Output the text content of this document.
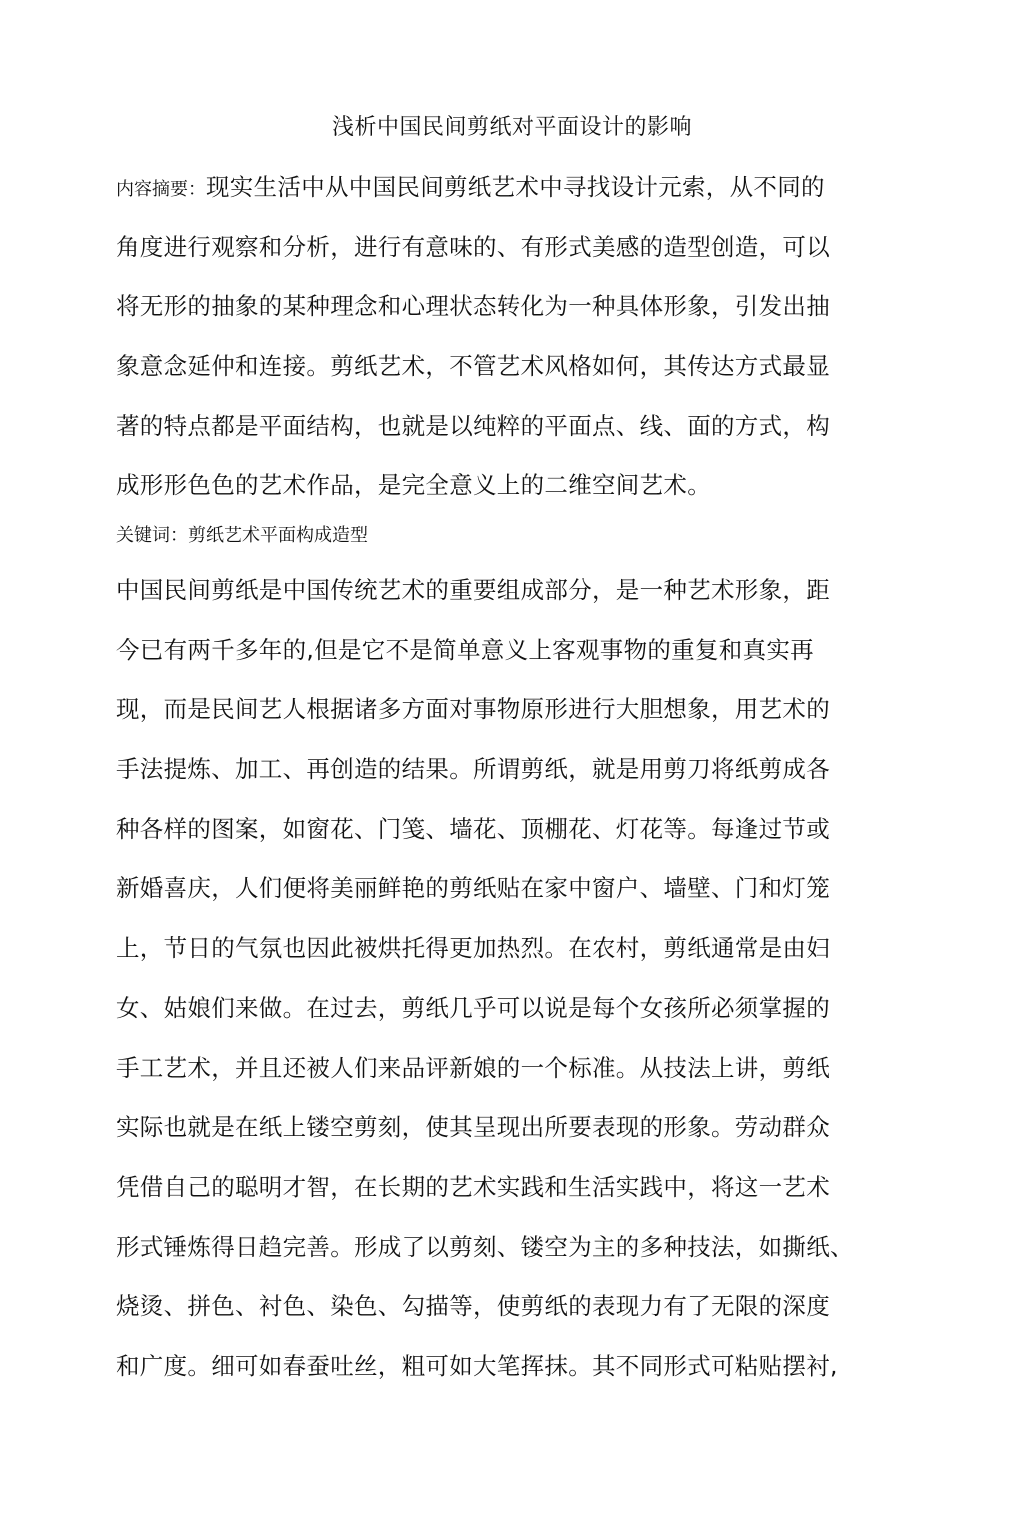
浅析中国民间剪纸对平面设计的影响
内容摘要：现实生活中从中国民间剪纸艺术中寻找设计元索，从不同的
角度进行观察和分析，进行有意味的、有形式美感的造型创造，可以
将无形的抽象的某种理念和心理状态转化为一种具体形象，引发出抽
象意念延仲和连接。剪纸艺术，不管艺术风格如何，其传达方式最显
著的特点都是平面结构，也就是以纯粹的平面点、线、面的方式，构
成形形色色的艺术作品，是完全意义上的二维空间艺术。
关键词：剪纸艺术平面构成造型
中国民间剪纸是中国传统艺术的重要组成部分，是一种艺术形象，距
今已有两千多年的,但是它不是简单意义上客观事物的重复和真实再
现，而是民间艺人根据诸多方面对事物原形进行大胆想象，用艺术的
手法提炼、加工、再创造的结果。所谓剪纸，就是用剪刀将纸剪成各
种各样的图案，如窗花、门笺、墙花、顶棚花、灯花等。每逢过节或
新婚喜庆，人们便将美丽鲜艳的剪纸贴在家中窗户、墙壁、门和灯笼
上，节日的气氛也因此被烘托得更加热烈。在农村，剪纸通常是由妇
女、姑娘们来做。在过去，剪纸几乎可以说是每个女孩所必须掌握的
手工艺术，并且还被人们来品评新娘的一个标准。从技法上讲，剪纸
实际也就是在纸上镂空剪刻，使其呈现出所要表现的形象。劳动群众
凭借自己的聪明才智，在长期的艺术实践和生活实践中，将这一艺术
形式锤炼得日趋完善。形成了以剪刻、镂空为主的多种技法，如撕纸、
烧烫、拼色、衬色、染色、勾描等，使剪纸的表现力有了无限的深度
和广度。细可如春蚕吐丝，粗可如大笔挥抹。其不同形式可粘贴摆衬,
